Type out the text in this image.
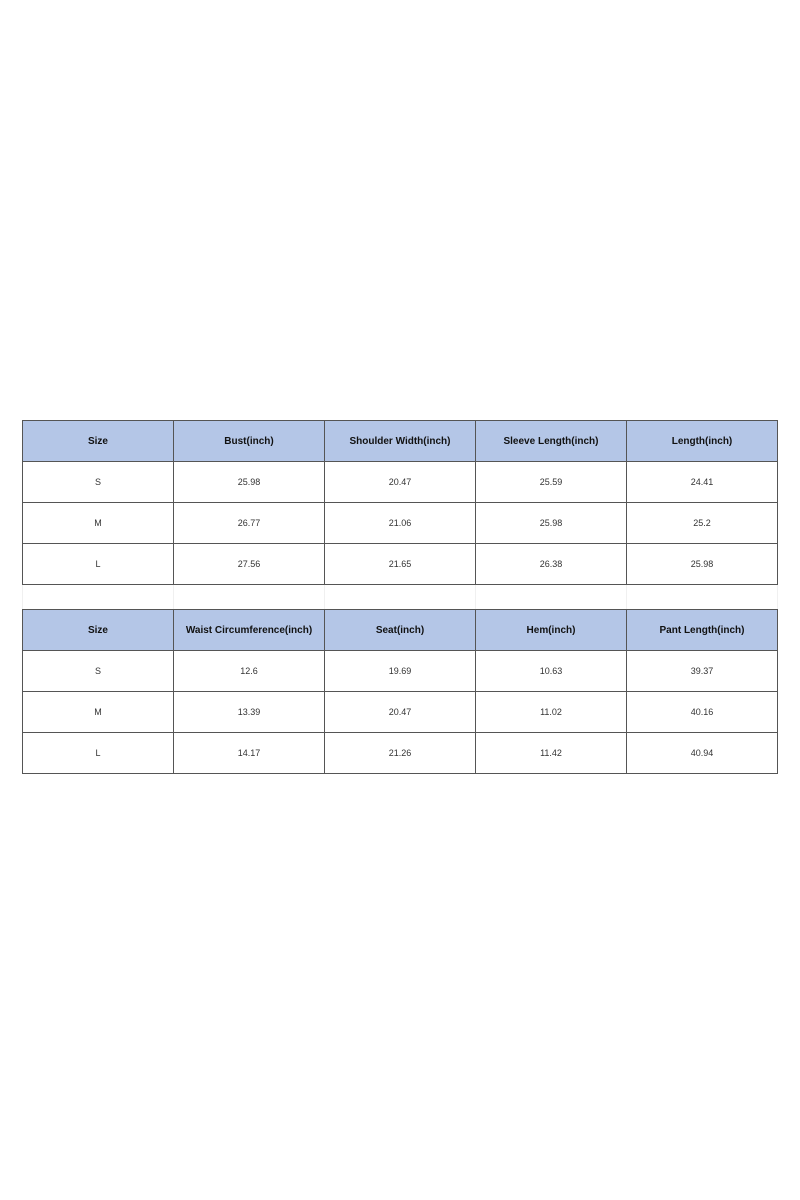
Size	Bust(inch)	Shoulder Width(inch)	Sleeve Length(inch)	Length(inch)
S	25.98	20.47	25.59	24.41
M	26.77	21.06	25.98	25.2
L	27.56	21.65	26.38	25.98
Size	Waist Circumference(inch)	Seat(inch)	Hem(inch)	Pant Length(inch)
S	12.6	19.69	10.63	39.37
M	13.39	20.47	11.02	40.16
L	14.17	21.26	11.42	40.94
